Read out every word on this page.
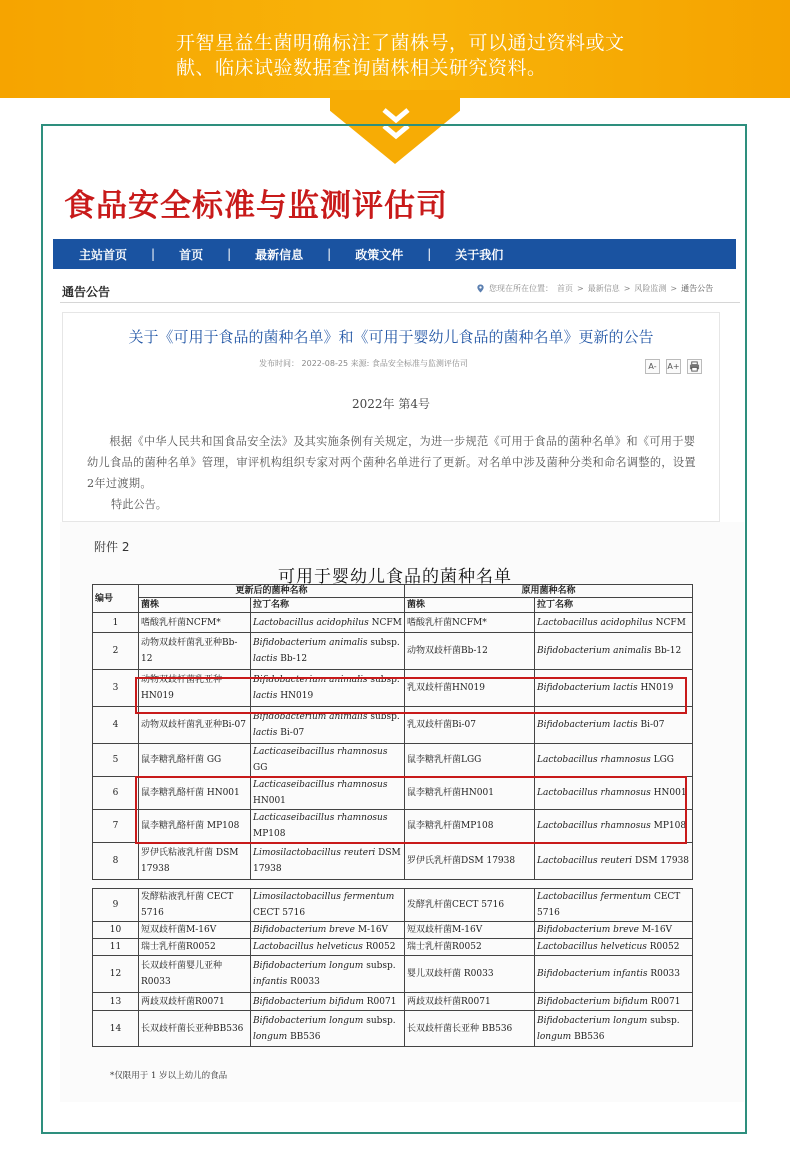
开智星益生菌明确标注了菌株号，可以通过资料或文献、临床试验数据查询菌株相关研究资料。
食品安全标准与监测评估司
主站首页 | 首页 | 最新信息 | 政策文件 | 关于我们
通告公告	您现在所在位置： 首页 > 最新信息 > 风险监测 > 通告公告
关于《可用于食品的菌种名单》和《可用于婴幼儿食品的菌种名单》更新的公告
发布时间： 2022-08-25 来源: 食品安全标准与监测评估司	A-	A+
2022年 第4号
根据《中华人民共和国食品安全法》及其实施条例有关规定，为进一步规范《可用于食品的菌种名单》和《可用于婴幼儿食品的菌种名单》管理，审评机构组织专家对两个菌种名单进行了更新。对名单中涉及菌种分类和命名调整的，设置2年过渡期。
特此公告。
附件 2
可用于婴幼儿食品的菌种名单
编号	更新后的菌种名称		原用菌种名称	
	菌株	拉丁名称	菌株	拉丁名称
1	嗜酸乳杆菌NCFM*	Lactobacillus acidophilus NCFM	嗜酸乳杆菌NCFM*	Lactobacillus acidophilus NCFM
2	动物双歧杆菌乳亚种Bb-12	Bifidobacterium animalis subsp. lactis Bb-12	动物双歧杆菌Bb-12	Bifidobacterium animalis Bb-12
3	动物双歧杆菌乳亚种HN019	Bifidobacterium animalis subsp. lactis HN019	乳双歧杆菌HN019	Bifidobacterium lactis HN019
4	动物双歧杆菌乳亚种Bi-07	Bifidobacterium animalis subsp. lactis Bi-07	乳双歧杆菌Bi-07	Bifidobacterium lactis Bi-07
5	鼠李糖乳酪杆菌 GG	Lacticaseibacillus rhamnosus GG	鼠李糖乳杆菌LGG	Lactobacillus rhamnosus LGG
6	鼠李糖乳酪杆菌 HN001	Lacticaseibacillus rhamnosus HN001	鼠李糖乳杆菌HN001	Lactobacillus rhamnosus HN001
7	鼠李糖乳酪杆菌 MP108	Lacticaseibacillus rhamnosus MP108	鼠李糖乳杆菌MP108	Lactobacillus rhamnosus MP108
8	罗伊氏粘液乳杆菌 DSM 17938	Limosilactobacillus reuteri DSM 17938	罗伊氏乳杆菌DSM 17938	Lactobacillus reuteri DSM 17938
9	发酵粘液乳杆菌 CECT 5716	Limosilactobacillus fermentum CECT 5716	发酵乳杆菌CECT 5716	Lactobacillus fermentum CECT 5716
10	短双歧杆菌M-16V	Bifidobacterium breve M-16V	短双歧杆菌M-16V	Bifidobacterium breve M-16V
11	瑞士乳杆菌R0052	Lactobacillus helveticus R0052	瑞士乳杆菌R0052	Lactobacillus helveticus R0052
12	长双歧杆菌婴儿亚种R0033	Bifidobacterium longum subsp. infantis R0033	婴儿双歧杆菌 R0033	Bifidobacterium infantis R0033
13	两歧双歧杆菌R0071	Bifidobacterium bifidum R0071	两歧双歧杆菌R0071	Bifidobacterium bifidum R0071
14	长双歧杆菌长亚种BB536	Bifidobacterium longum subsp. longum BB536	长双歧杆菌长亚种 BB536	Bifidobacterium longum subsp. longum BB536
*仅限用于 1 岁以上幼儿的食品
